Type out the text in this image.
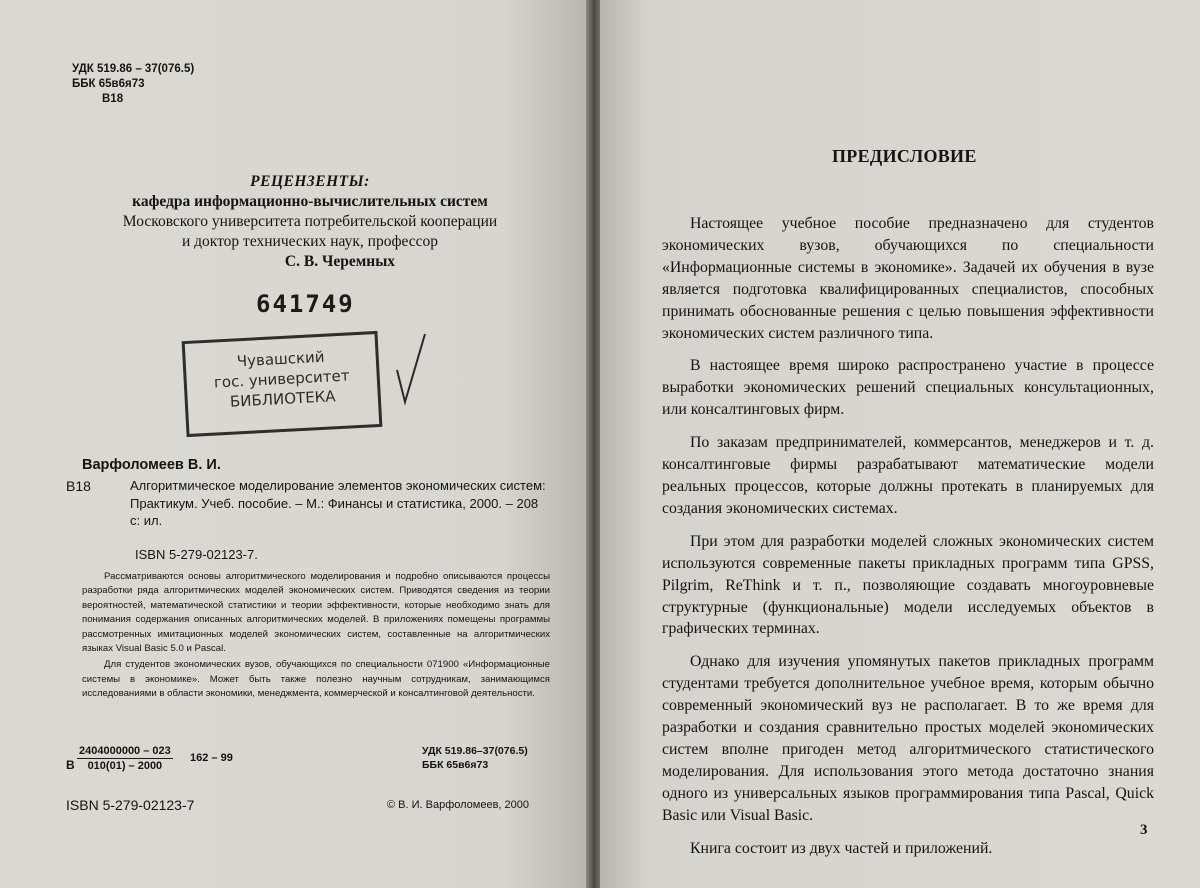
УДК 519.86 – 37(076.5)
ББК 65в6я73
В18
РЕЦЕНЗЕНТЫ:
кафедра информационно-вычислительных систем
Московского университета потребительской кооперации
и доктор технических наук, профессор
С. В. Черемных
641749
Чувашский
гос. университет
БИБЛИОТЕКА
Варфоломеев В. И.
В18	Алгоритмическое моделирование элементов экономических систем: Практикум. Учеб. пособие. – М.: Финансы и статистика, 2000. – 208 с: ил.
ISBN 5-279-02123-7.

Рассматриваются основы алгоритмического моделирования и подробно описываются процессы разработки ряда алгоритмических моделей экономических систем. Приводятся сведения из теории вероятностей, математической статистики и теории эффективности, которые необходимо знать для понимания содержания описанных алгоритмических моделей. В приложениях помещены программы рассмотренных имитационных моделей экономических систем, составленные на алгоритмических языках Visual Basic 5.0 и Pascal.

Для студентов экономических вузов, обучающихся по специальности 071900 «Информационные системы в экономике». Может быть также полезно научным сотрудникам, занимающимся исследованиями в области экономики, менеджмента, коммерческой и консалтинговой деятельности.

В $\frac{2404000000 - 023}{010(01) - 2000} 162 - 99$
УДК 519.86–37(076.5)
ББК 65в6я73
ISBN 5-279-02123-7	© В. И. Варфоломеев, 2000
ПРЕДИСЛОВИЕ

Настоящее учебное пособие предназначено для студентов экономических вузов, обучающихся по специальности «Информационные системы в экономике». Задачей их обучения в вузе является подготовка квалифицированных специалистов, способных принимать обоснованные решения с целью повышения эффективности экономических систем различного типа.

В настоящее время широко распространено участие в процессе выработки экономических решений специальных консультационных, или консалтинговых фирм.

По заказам предпринимателей, коммерсантов, менеджеров и т. д. консалтинговые фирмы разрабатывают математические модели реальных процессов, которые должны протекать в планируемых для создания экономических системах.

При этом для разработки моделей сложных экономических систем используются современные пакеты прикладных программ типа GPSS, Pilgrim, ReThink и т. п., позволяющие создавать многоуровневые структурные (функциональные) модели исследуемых объектов в графических терминах.

Однако для изучения упомянутых пакетов прикладных программ студентами требуется дополнительное учебное время, которым обычно современный экономический вуз не располагает. В то же время для разработки и создания сравнительно простых моделей экономических систем вполне пригоден метод алгоритмического статистического моделирования. Для использования этого метода достаточно знания одного из универсальных языков программирования типа Pascal, Quick Basic или Visual Basic.

Книга состоит из двух частей и приложений.

3
